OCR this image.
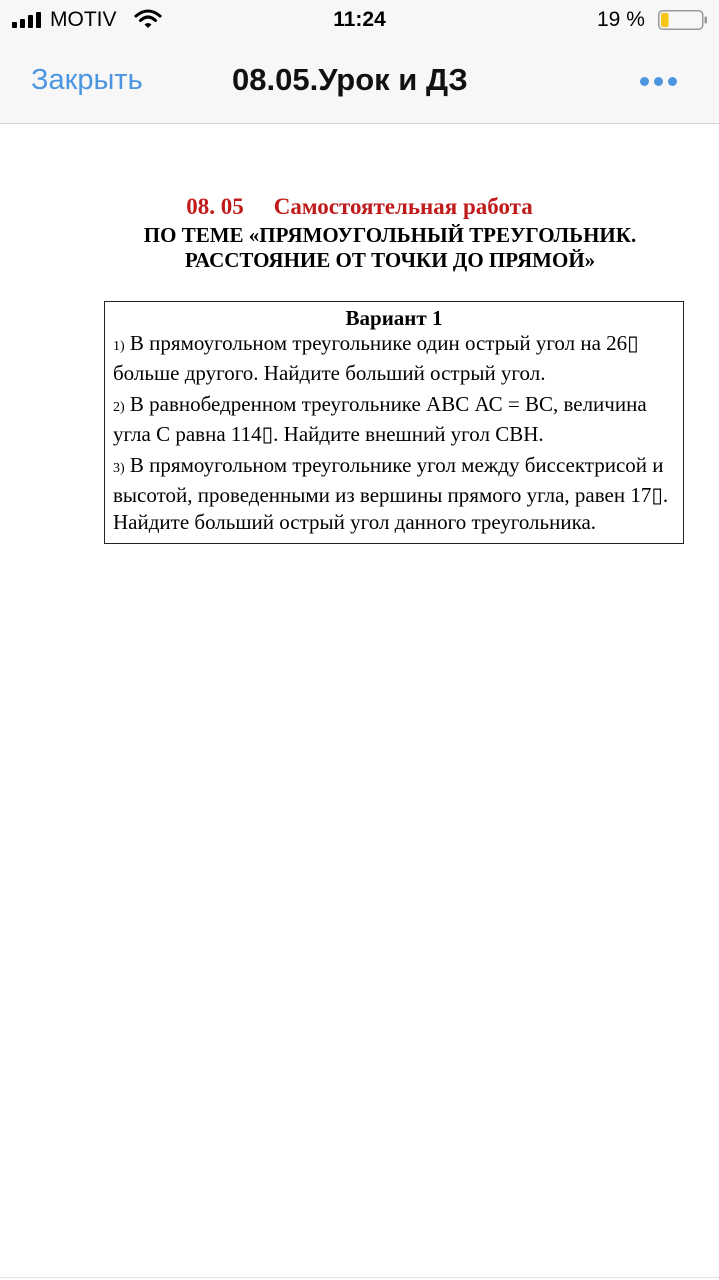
MOTIV	11:24	19 %
Закрыть	08.05.Урок и ДЗ
08. 05 Самостоятельная работа
ПО ТЕМЕ «ПРЯМОУГОЛЬНЫЙ ТРЕУГОЛЬНИК. РАССТОЯНИЕ ОТ ТОЧКИ ДО ПРЯМОЙ»
Вариант 1
1) В прямоугольном треугольнике один острый угол на 26▯ больше другого. Найдите больший острый угол.
2) В равнобедренном треугольнике АВС АС = ВС, величина угла С равна 114▯. Найдите внешний угол СВН.
3) В прямоугольном треугольнике угол между биссектрисой и высотой, проведенными из вершины прямого угла, равен 17▯. Найдите больший острый угол данного треугольника.
